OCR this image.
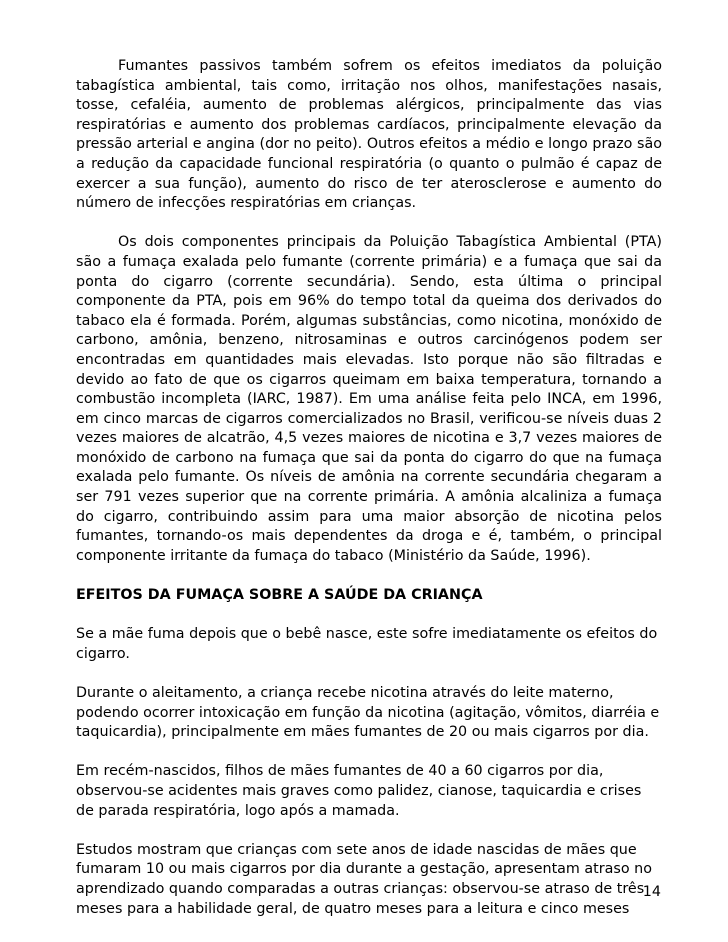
Fumantes passivos também sofrem os efeitos imediatos da poluição tabagística ambiental, tais como, irritação nos olhos, manifestações nasais, tosse, cefaléia, aumento de problemas alérgicos, principalmente das vias respiratórias e aumento dos problemas cardíacos, principalmente elevação da pressão arterial e angina (dor no peito). Outros efeitos a médio e longo prazo são a redução da capacidade funcional respiratória (o quanto o pulmão é capaz de exercer a sua função), aumento do risco de ter aterosclerose e aumento do número de infecções respiratórias em crianças.

Os dois componentes principais da Poluição Tabagística Ambiental (PTA) são a fumaça exalada pelo fumante (corrente primária) e a fumaça que sai da ponta do cigarro (corrente secundária). Sendo, esta última o principal componente da PTA, pois em 96% do tempo total da queima dos derivados do tabaco ela é formada. Porém, algumas substâncias, como nicotina, monóxido de carbono, amônia, benzeno, nitrosaminas e outros carcinógenos podem ser encontradas em quantidades mais elevadas. Isto porque não são filtradas e devido ao fato de que os cigarros queimam em baixa temperatura, tornando a combustão incompleta (IARC, 1987). Em uma análise feita pelo INCA, em 1996, em cinco marcas de cigarros comercializados no Brasil, verificou-se níveis duas 2 vezes maiores de alcatrão, 4,5 vezes maiores de nicotina e 3,7 vezes maiores de monóxido de carbono na fumaça que sai da ponta do cigarro do que na fumaça exalada pelo fumante. Os níveis de amônia na corrente secundária chegaram a ser 791 vezes superior que na corrente primária. A amônia alcaliniza a fumaça do cigarro, contribuindo assim para uma maior absorção de nicotina pelos fumantes, tornando-os mais dependentes da droga e é, também, o principal componente irritante da fumaça do tabaco (Ministério da Saúde, 1996).

EFEITOS DA FUMAÇA SOBRE A SAÚDE DA CRIANÇA

Se a mãe fuma depois que o bebê nasce, este sofre imediatamente os efeitos do cigarro.

Durante o aleitamento, a criança recebe nicotina através do leite materno, podendo ocorrer intoxicação em função da nicotina (agitação, vômitos, diarréia e taquicardia), principalmente em mães fumantes de 20 ou mais cigarros por dia.

Em recém-nascidos, filhos de mães fumantes de 40 a 60 cigarros por dia, observou-se acidentes mais graves como palidez, cianose, taquicardia e crises de parada respiratória, logo após a mamada.

Estudos mostram que crianças com sete anos de idade nascidas de mães que fumaram 10 ou mais cigarros por dia durante a gestação, apresentam atraso no aprendizado quando comparadas a outras crianças: observou-se atraso de três meses para a habilidade geral, de quatro meses para a leitura e cinco meses

14
